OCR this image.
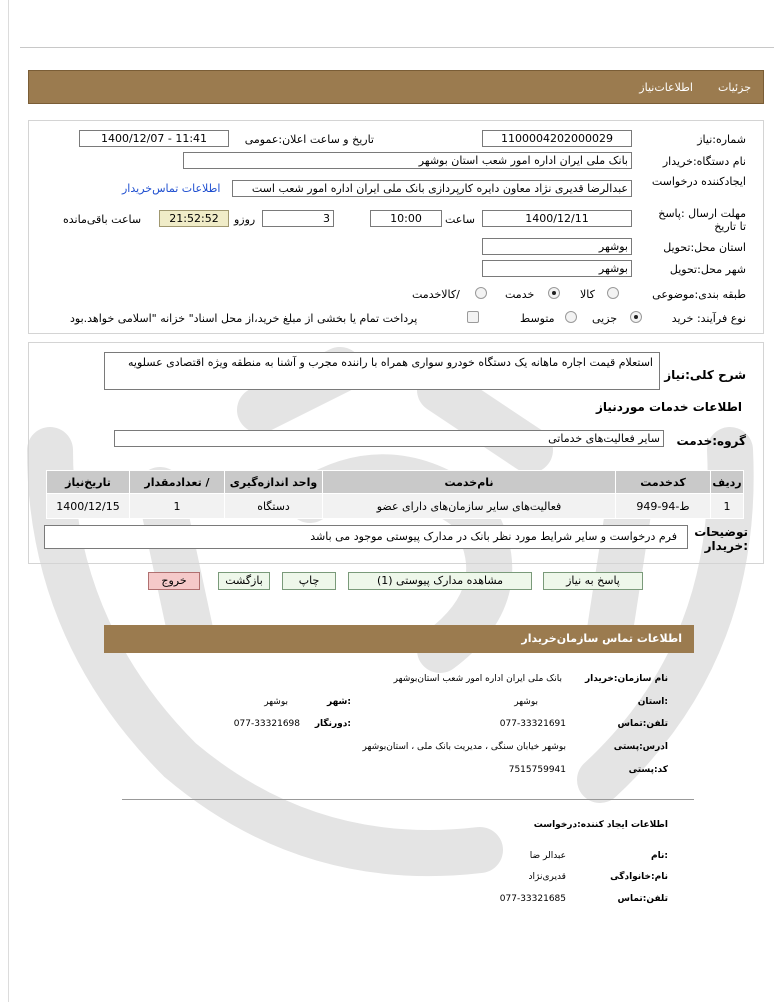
جزئیات
اطلاعات‌نیاز
شماره:نیاز
1100004202000029
تاریخ و ساعت اعلان:عمومی
1400/12/07 - 11:41
نام دستگاه:خریدار
بانک ملی ایران اداره امور شعب استان بوشهر
ایجادکننده درخواست
عبدالرضا قدیری نژاد معاون دایره کارپردازی بانک ملی ایران اداره امور شعب است
اطلاعات تماس‌خریدار
مهلت ارسال :پاسخ تا تاریخ
1400/12/11
ساعت
10:00
3
روزو
21:52:52
ساعت باقی‌مانده
استان محل:تحویل
بوشهر
شهر محل:تحویل
بوشهر
طبقه بندی:موضوعی
کالا
خدمت
/کالاخدمت
نوع فرآیند: خرید
جزیی
متوسط
پرداخت تمام یا بخشی از مبلغ خرید،از محل اسناد" خزانه "اسلامی خواهد.بود
شرح کلی:نیاز
استعلام قیمت اجاره ماهانه یک دستگاه خودرو سواری همراه با راننده مجرب و آشنا به منطقه ویژه اقتصادی عسلویه
اطلاعات خدمات موردنیاز
گروه:خدمت
سایر فعالیت‌های خدماتی
ردیف	کدخدمت	نام‌خدمت	واحد اندازه‌گیری	/ تعدادمقدار	تاریخ‌نیاز
1	ط-94-949	فعالیت‌های سایر سازمان‌های دارای عضو	دستگاه	1	1400/12/15
توضیحات :خریدار
فرم درخواست و سایر شرایط مورد نظر بانک در مدارک پیوستی موجود می باشد
پاسخ به نیاز
مشاهده مدارک پیوستی (1)
چاپ
بازگشت
خروج
اطلاعات تماس سازمان‌خریدار
نام سازمان:خریدار
بانک ملی ایران اداره امور شعب استان‌بوشهر
:استان
بوشهر
:شهر
بوشهر
تلفن:تماس
077-33321691
:دورنگار
077-33321698
ادرس:پستی
بوشهر خیابان سنگی ، مدیریت بانک ملی ، استان‌بوشهر
کد:پستی
7515759941
اطلاعات ایجاد کننده:درخواست
:نام
عبدالر ضا
نام:خانوادگی
قدیری‌نژاد
تلفن:تماس
077-33321685
